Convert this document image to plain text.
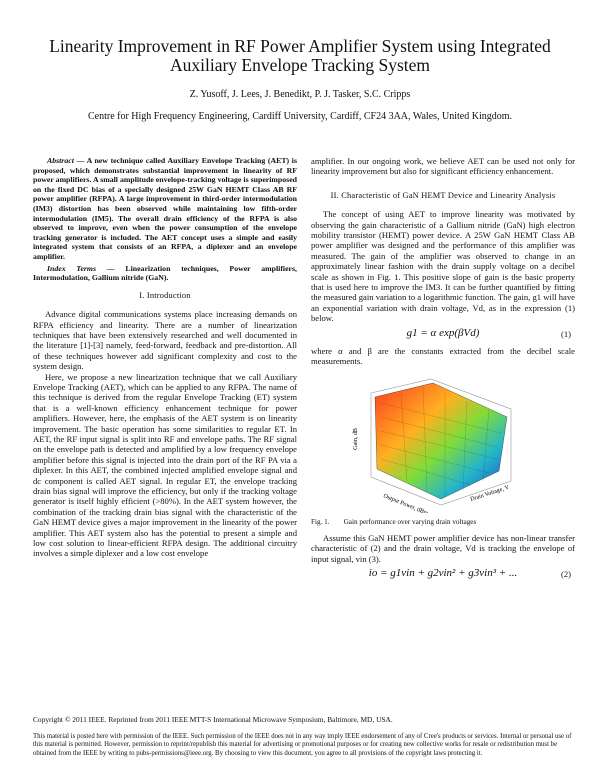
Linearity Improvement in RF Power Amplifier System using Integrated Auxiliary Envelope Tracking System
Z. Yusoff, J. Lees, J. Benedikt, P. J. Tasker, S.C. Cripps
Centre for High Frequency Engineering, Cardiff University, Cardiff, CF24 3AA, Wales, United Kingdom.

Abstract — A new technique called Auxiliary Envelope Tracking (AET) is proposed, which demonstrates substantial improvement in linearity of RF power amplifiers. A small amplitude envelope-tracking voltage is superimposed on the fixed DC bias of a specially designed 25W GaN HEMT Class AB RF power amplifier (RFPA). A large improvement in third-order intermodulation (IM3) distortion has been observed while maintaining low fifth-order intermodulation (IM5). The overall drain efficiency of the RFPA is also observed to improve, even when the power consumption of the envelope tracking generator is included. The AET concept uses a simple and easily integrated system that consists of an RFPA, a diplexer and an envelope amplifier.

Index Terms — Linearization techniques, Power amplifiers, Intermodulation, Gallium nitride (GaN).

I. Introduction

Advance digital communications systems place increasing demands on RFPA efficiency and linearity. There are a number of linearization techniques that have been extensively researched and well documented in the literature [1]-[3] namely, feed-forward, feedback and pre-distortion. All of these techniques however add significant complexity and cost to the system design.

Here, we propose a new linearization technique that we call Auxiliary Envelope Tracking (AET), which can be applied to any RFPA. The name of this technique is derived from the regular Envelope Tracking (ET) system that is a well-known efficiency enhancement technique for power amplifiers. However, here, the emphasis of the AET system is on linearity improvement. The basic operation has some similarities to regular ET. In AET, the RF input signal is split into RF and envelope paths. The RF signal on the envelope path is detected and amplified by a low frequency envelope amplifier before this signal is injected into the drain port of the RF PA via a diplexer. In this AET, the combined injected amplified envelope signal and dc component is called AET signal. In regular ET, the envelope tracking drain bias signal will improve the efficiency, but only if the tracking voltage generator is itself highly efficient (>80%). In the AET system however, the combination of the tracking drain bias signal with the characteristic of the GaN HEMT device gives a major improvement in the linearity of the power amplifier. This AET system also has the potential to present a simple and low cost solution to linear-efficient RFPA design. The additional circuitry involves a simple diplexer and a low cost envelope

amplifier. In our ongoing work, we believe AET can be used not only for linearity improvement but also for significant efficiency enhancement.

II. Characteristic of GaN HEMT Device and Linearity Analysis

The concept of using AET to improve linearity was motivated by observing the gain characteristic of a Gallium nitride (GaN) high electron mobility transistor (HEMT) power device. A 25W GaN HEMT Class AB power amplifier was designed and the performance of this amplifier was measured. The gain of the amplifier was observed to change in an approximately linear fashion with the drain supply voltage on a decibel scale as shown in Fig. 1. This positive slope of gain is the basic property that is used here to improve the IM3. It can be further quantified by fitting the measured gain variation to a logarithmic function. The gain, g1 will have an exponential variation with drain voltage, Vd, as in the expression (1) below.

g1 = α exp(βVd)	(1)

where α and β are the constants extracted from the decibel scale measurements.

Gain, dB
Output Power, dBm	Drain Voltage, V
Fig. 1. Gain performance over varying drain voltages

Assume this GaN HEMT power amplifier device has non-linear transfer characteristic of (2) and the drain voltage, Vd is tracking the envelope of input signal, vin (3).

io = g1vin + g2vin² + g3vin³ + ...	(2)
Copyright © 2011 IEEE. Reprinted from 2011 IEEE MTT-S International Microwave Symposium, Baltimore, MD, USA.
This material is posted here with permission of the IEEE. Such permission of the IEEE does not in any way imply IEEE endorsement of any of Cree's products or services. Internal or personal use of this material is permitted. However, permission to reprint/republish this material for advertising or promotional purposes or for creating new collective works for resale or redistribution must be obtained from the IEEE by writing to pubs-permissions@ieee.org. By choosing to view this document, you agree to all provisions of the copyright laws protecting it.
